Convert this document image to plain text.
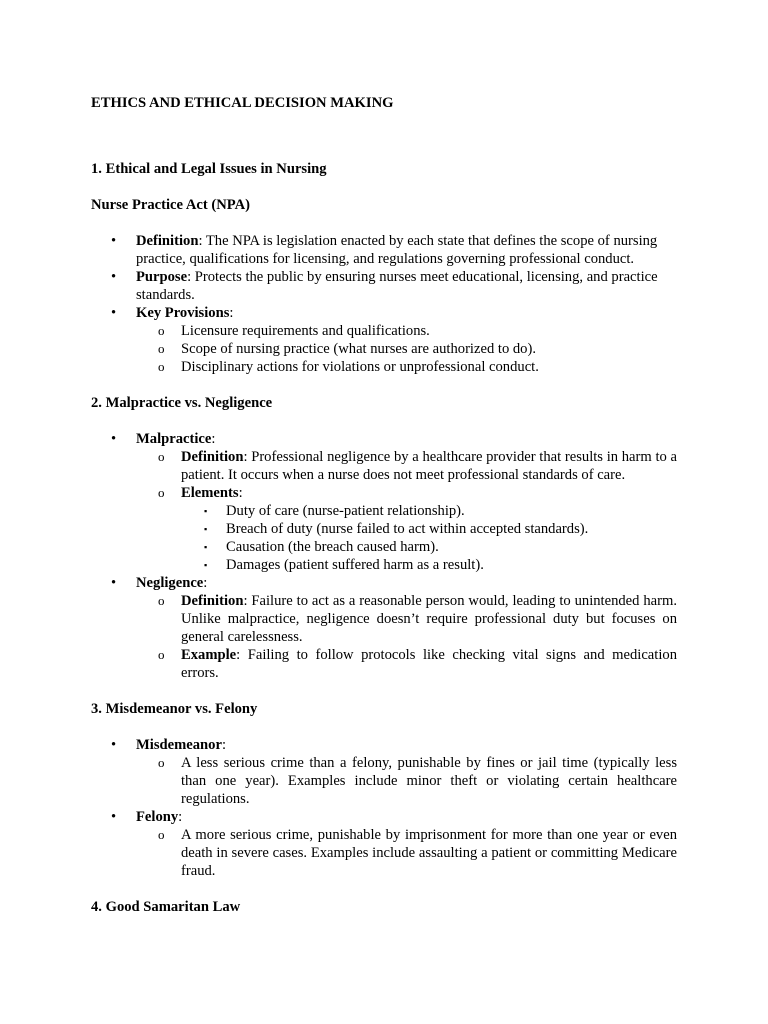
ETHICS AND ETHICAL DECISION MAKING
1. Ethical and Legal Issues in Nursing
Nurse Practice Act (NPA)
• Definition: The NPA is legislation enacted by each state that defines the scope of nursing practice, qualifications for licensing, and regulations governing professional conduct.
• Purpose: Protects the public by ensuring nurses meet educational, licensing, and practice standards.
• Key Provisions:
o Licensure requirements and qualifications.
o Scope of nursing practice (what nurses are authorized to do).
o Disciplinary actions for violations or unprofessional conduct.
2. Malpractice vs. Negligence
• Malpractice:
o Definition: Professional negligence by a healthcare provider that results in harm to a patient. It occurs when a nurse does not meet professional standards of care.
o Elements:
▪ Duty of care (nurse-patient relationship).
▪ Breach of duty (nurse failed to act within accepted standards).
▪ Causation (the breach caused harm).
▪ Damages (patient suffered harm as a result).
• Negligence:
o Definition: Failure to act as a reasonable person would, leading to unintended harm. Unlike malpractice, negligence doesn’t require professional duty but focuses on general carelessness.
o Example: Failing to follow protocols like checking vital signs and medication errors.
3. Misdemeanor vs. Felony
• Misdemeanor:
o A less serious crime than a felony, punishable by fines or jail time (typically less than one year). Examples include minor theft or violating certain healthcare regulations.
• Felony:
o A more serious crime, punishable by imprisonment for more than one year or even death in severe cases. Examples include assaulting a patient or committing Medicare fraud.
4. Good Samaritan Law
